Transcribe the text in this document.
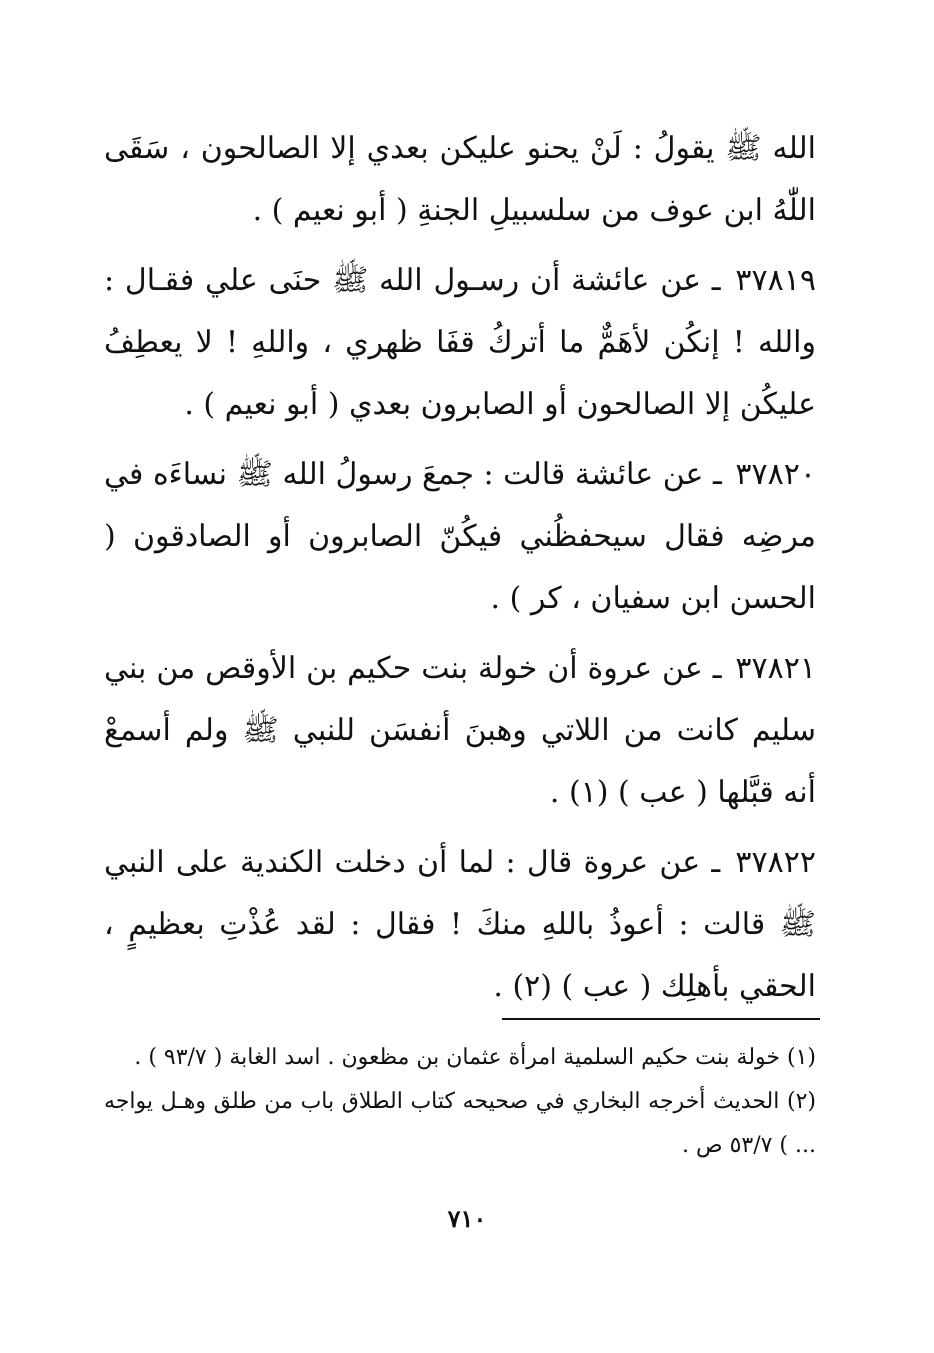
الله ﷺ يقولُ : لَنْ يحنو عليكن بعدي إلا الصالحون ، سَقَى اللّٰهُ ابن عوف من سلسبيلِ الجنةِ ( أبو نعيم ) .

٣٧٨١٩ ـ عن عائشة أن رسـول الله ﷺ حنَى علي فقـال : والله ! إنكُن لأهَمٌّ ما أتركُ قفَا ظهري ، واللهِ ! لا يعطِفُ عليكُن إلا الصالحون أو الصابرون بعدي ( أبو نعيم ) .

٣٧٨٢٠ ـ عن عائشة قالت : جمعَ رسولُ الله ﷺ نساءَه في مرضِه فقال سيحفظُني فيكُنّ الصابرون أو الصادقون ( الحسن ابن سفيان ، كر ) .

٣٧٨٢١ ـ عن عروة أن خولة بنت حكيم بن الأوقص من بني سليم كانت من اللاتي وهبنَ أنفسَن للنبي ﷺ ولم أسمعْ أنه قبَّلها ( عب ) (١) .

٣٧٨٢٢ ـ عن عروة قال : لما أن دخلت الكندية على النبي ﷺ قالت : أعوذُ باللهِ منكَ ! فقال : لقد عُذْتِ بعظيمٍ ، الحقي بأهلِك ( عب ) (٢) .

(١) خولة بنت حكيم السلمية امرأة عثمان بن مظعون . اسد الغابة ( ٩٣/٧ ) .

(٢) الحديث أخرجه البخاري في صحيحه كتاب الطلاق باب من طلق وهـل يواجه ... ) ٥٣/٧ ص .

٧١٠
